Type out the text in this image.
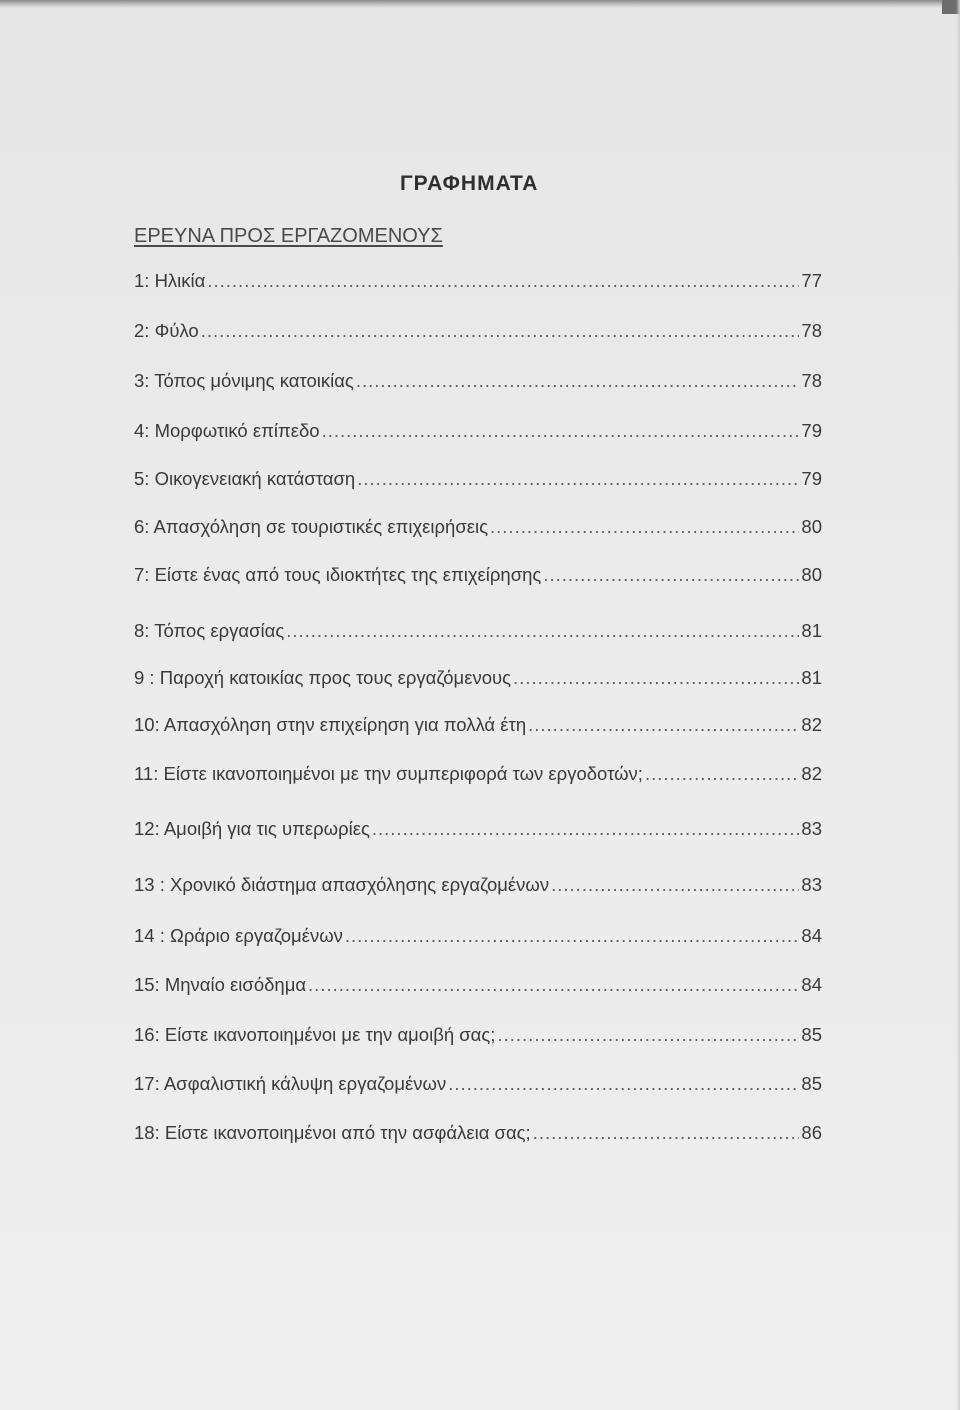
ΓΡΑΦΗΜΑΤΑ
ΕΡΕΥΝΑ ΠΡΟΣ ΕΡΓΑΖΟΜΕΝΟΥΣ
1: Ηλικία .....	77
2: Φύλο .....	78
3: Τόπος μόνιμης κατοικίας .....	78
4: Μορφωτικό επίπεδο .....	79
5: Οικογενειακή κατάσταση .....	79
6: Απασχόληση σε τουριστικές επιχειρήσεις .....	80
7: Είστε ένας από τους ιδιοκτήτες της επιχείρησης .....	80
8: Τόπος εργασίας .....	81
9 : Παροχή κατοικίας προς τους εργαζόμενους .....	81
10: Απασχόληση στην επιχείρηση για πολλά έτη .....	82
11: Είστε ικανοποιημένοι με την συμπεριφορά των εργοδοτών; .....	82
12: Αμοιβή για τις υπερωρίες .....	83
13 : Χρονικό διάστημα απασχόλησης εργαζομένων .....	83
14 : Ωράριο εργαζομένων .....	84
15: Μηναίο εισόδημα .....	84
16: Είστε ικανοποιημένοι με την αμοιβή σας; .....	85
17: Ασφαλιστική κάλυψη εργαζομένων .....	85
18: Είστε ικανοποιημένοι από την ασφάλεια σας; .....	86
